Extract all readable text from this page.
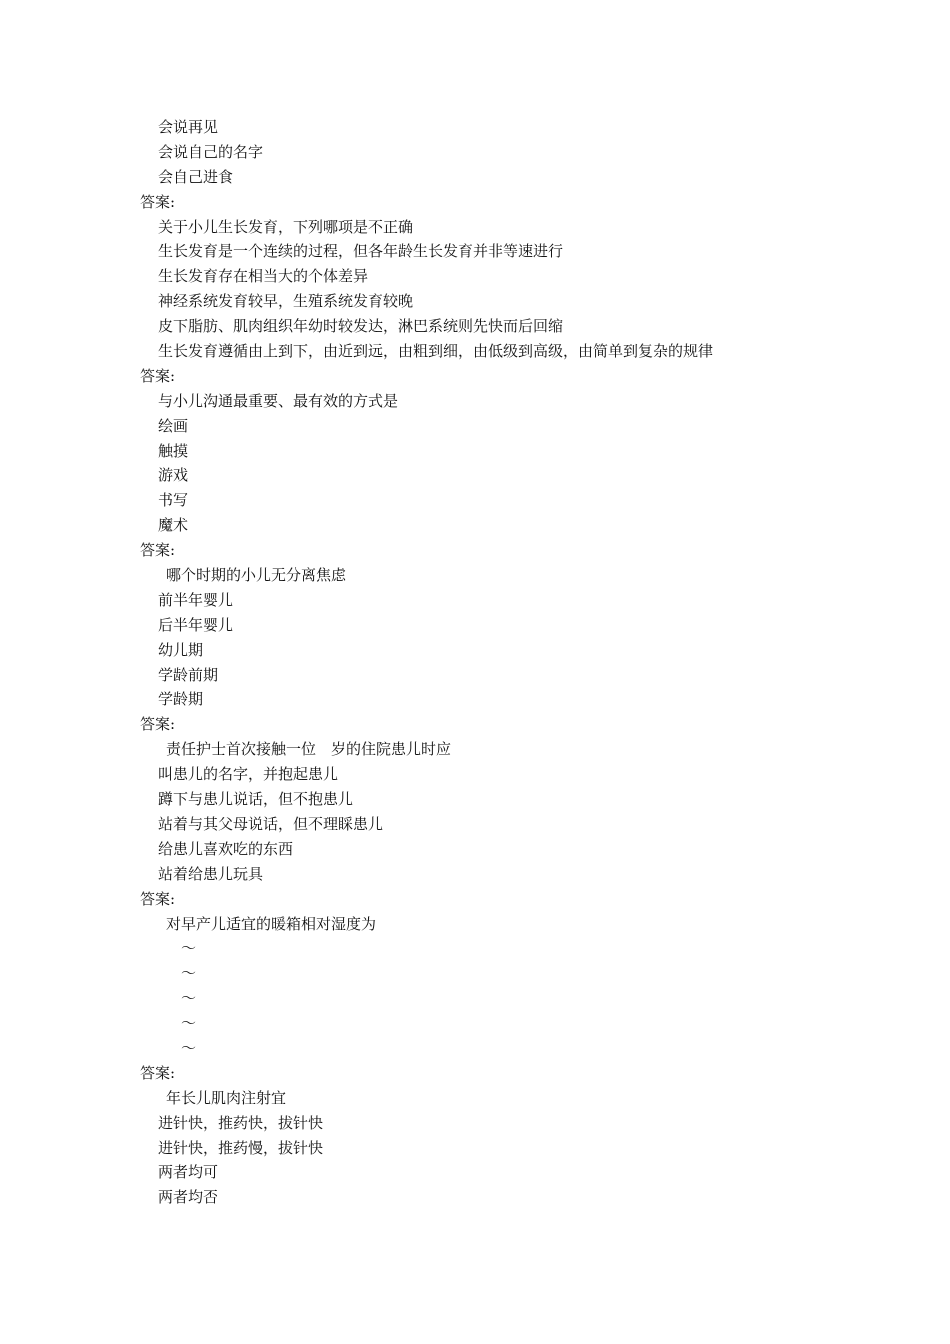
会说再见
会说自己的名字
会自己进食
答案:
关于小儿生长发育，下列哪项是不正确
生长发育是一个连续的过程，但各年龄生长发育并非等速进行
生长发育存在相当大的个体差异
神经系统发育较早，生殖系统发育较晚
皮下脂肪、肌肉组织年幼时较发达，淋巴系统则先快而后回缩
生长发育遵循由上到下，由近到远，由粗到细，由低级到高级，由简单到复杂的规律
答案:
与小儿沟通最重要、最有效的方式是
绘画
触摸
游戏
书写
魔术
答案:
哪个时期的小儿无分离焦虑
前半年婴儿
后半年婴儿
幼儿期
学龄前期
学龄期
答案:
责任护士首次接触一位　岁的住院患儿时应
叫患儿的名字，并抱起患儿
蹲下与患儿说话，但不抱患儿
站着与其父母说话，但不理睬患儿
给患儿喜欢吃的东西
站着给患儿玩具
答案:
对早产儿适宜的暖箱相对湿度为
～
～
～
～
～
答案:
年长儿肌肉注射宜
进针快，推药快，拔针快
进针快，推药慢，拔针快
两者均可
两者均否
